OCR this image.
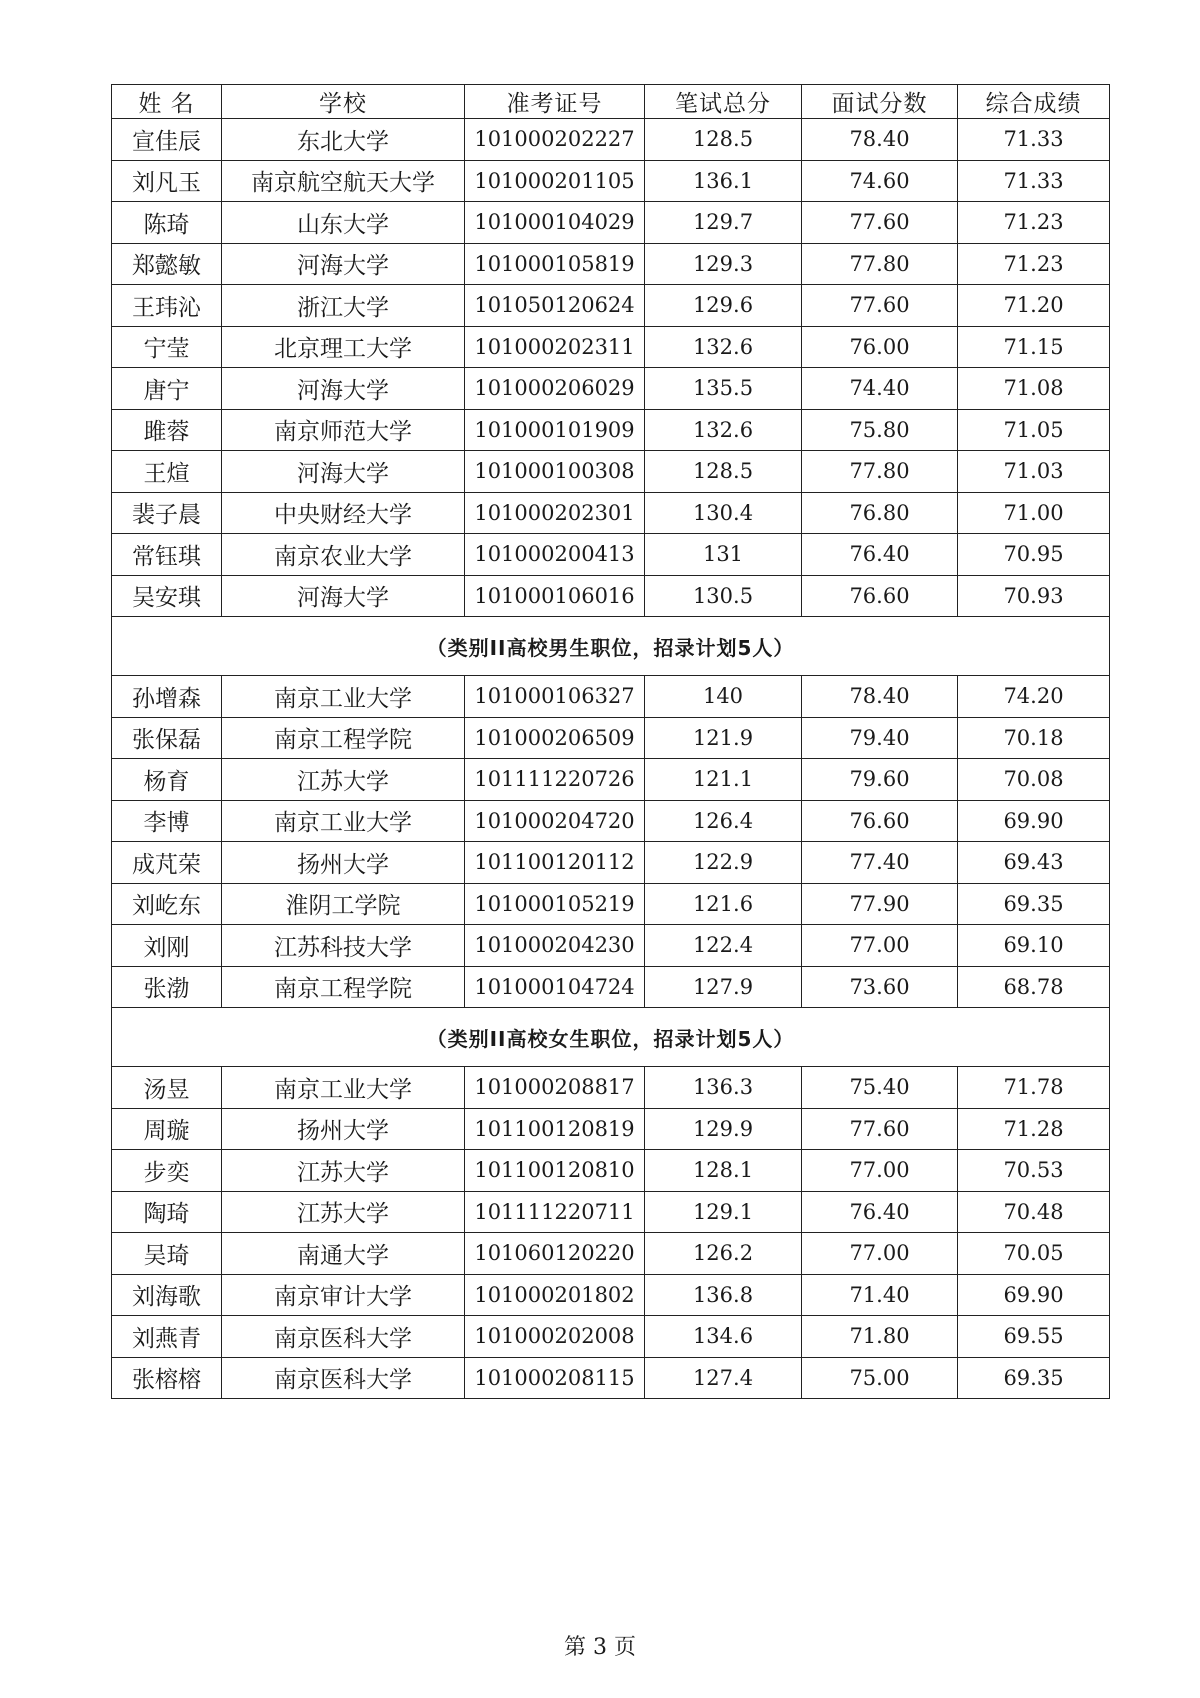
姓 名	学校	准考证号	笔试总分	面试分数	综合成绩
宣佳辰	东北大学	101000202227	128.5	78.40	71.33
刘凡玉	南京航空航天大学	101000201105	136.1	74.60	71.33
陈琦	山东大学	101000104029	129.7	77.60	71.23
郑懿敏	河海大学	101000105819	129.3	77.80	71.23
王玮沁	浙江大学	101050120624	129.6	77.60	71.20
宁莹	北京理工大学	101000202311	132.6	76.00	71.15
唐宁	河海大学	101000206029	135.5	74.40	71.08
雎蓉	南京师范大学	101000101909	132.6	75.80	71.05
王煊	河海大学	101000100308	128.5	77.80	71.03
裴子晨	中央财经大学	101000202301	130.4	76.80	71.00
常钰琪	南京农业大学	101000200413	131	76.40	70.95
吴安琪	河海大学	101000106016	130.5	76.60	70.93
（类别II高校男生职位，招录计划5人）					
孙增森	南京工业大学	101000106327	140	78.40	74.20
张保磊	南京工程学院	101000206509	121.9	79.40	70.18
杨育	江苏大学	101111220726	121.1	79.60	70.08
李博	南京工业大学	101000204720	126.4	76.60	69.90
成芃荣	扬州大学	101100120112	122.9	77.40	69.43
刘屹东	淮阴工学院	101000105219	121.6	77.90	69.35
刘刚	江苏科技大学	101000204230	122.4	77.00	69.10
张渤	南京工程学院	101000104724	127.9	73.60	68.78
（类别II高校女生职位，招录计划5人）					
汤昱	南京工业大学	101000208817	136.3	75.40	71.78
周璇	扬州大学	101100120819	129.9	77.60	71.28
步奕	江苏大学	101100120810	128.1	77.00	70.53
陶琦	江苏大学	101111220711	129.1	76.40	70.48
吴琦	南通大学	101060120220	126.2	77.00	70.05
刘海歌	南京审计大学	101000201802	136.8	71.40	69.90
刘燕青	南京医科大学	101000202008	134.6	71.80	69.55
张榕榕	南京医科大学	101000208115	127.4	75.00	69.35
第 3 页
